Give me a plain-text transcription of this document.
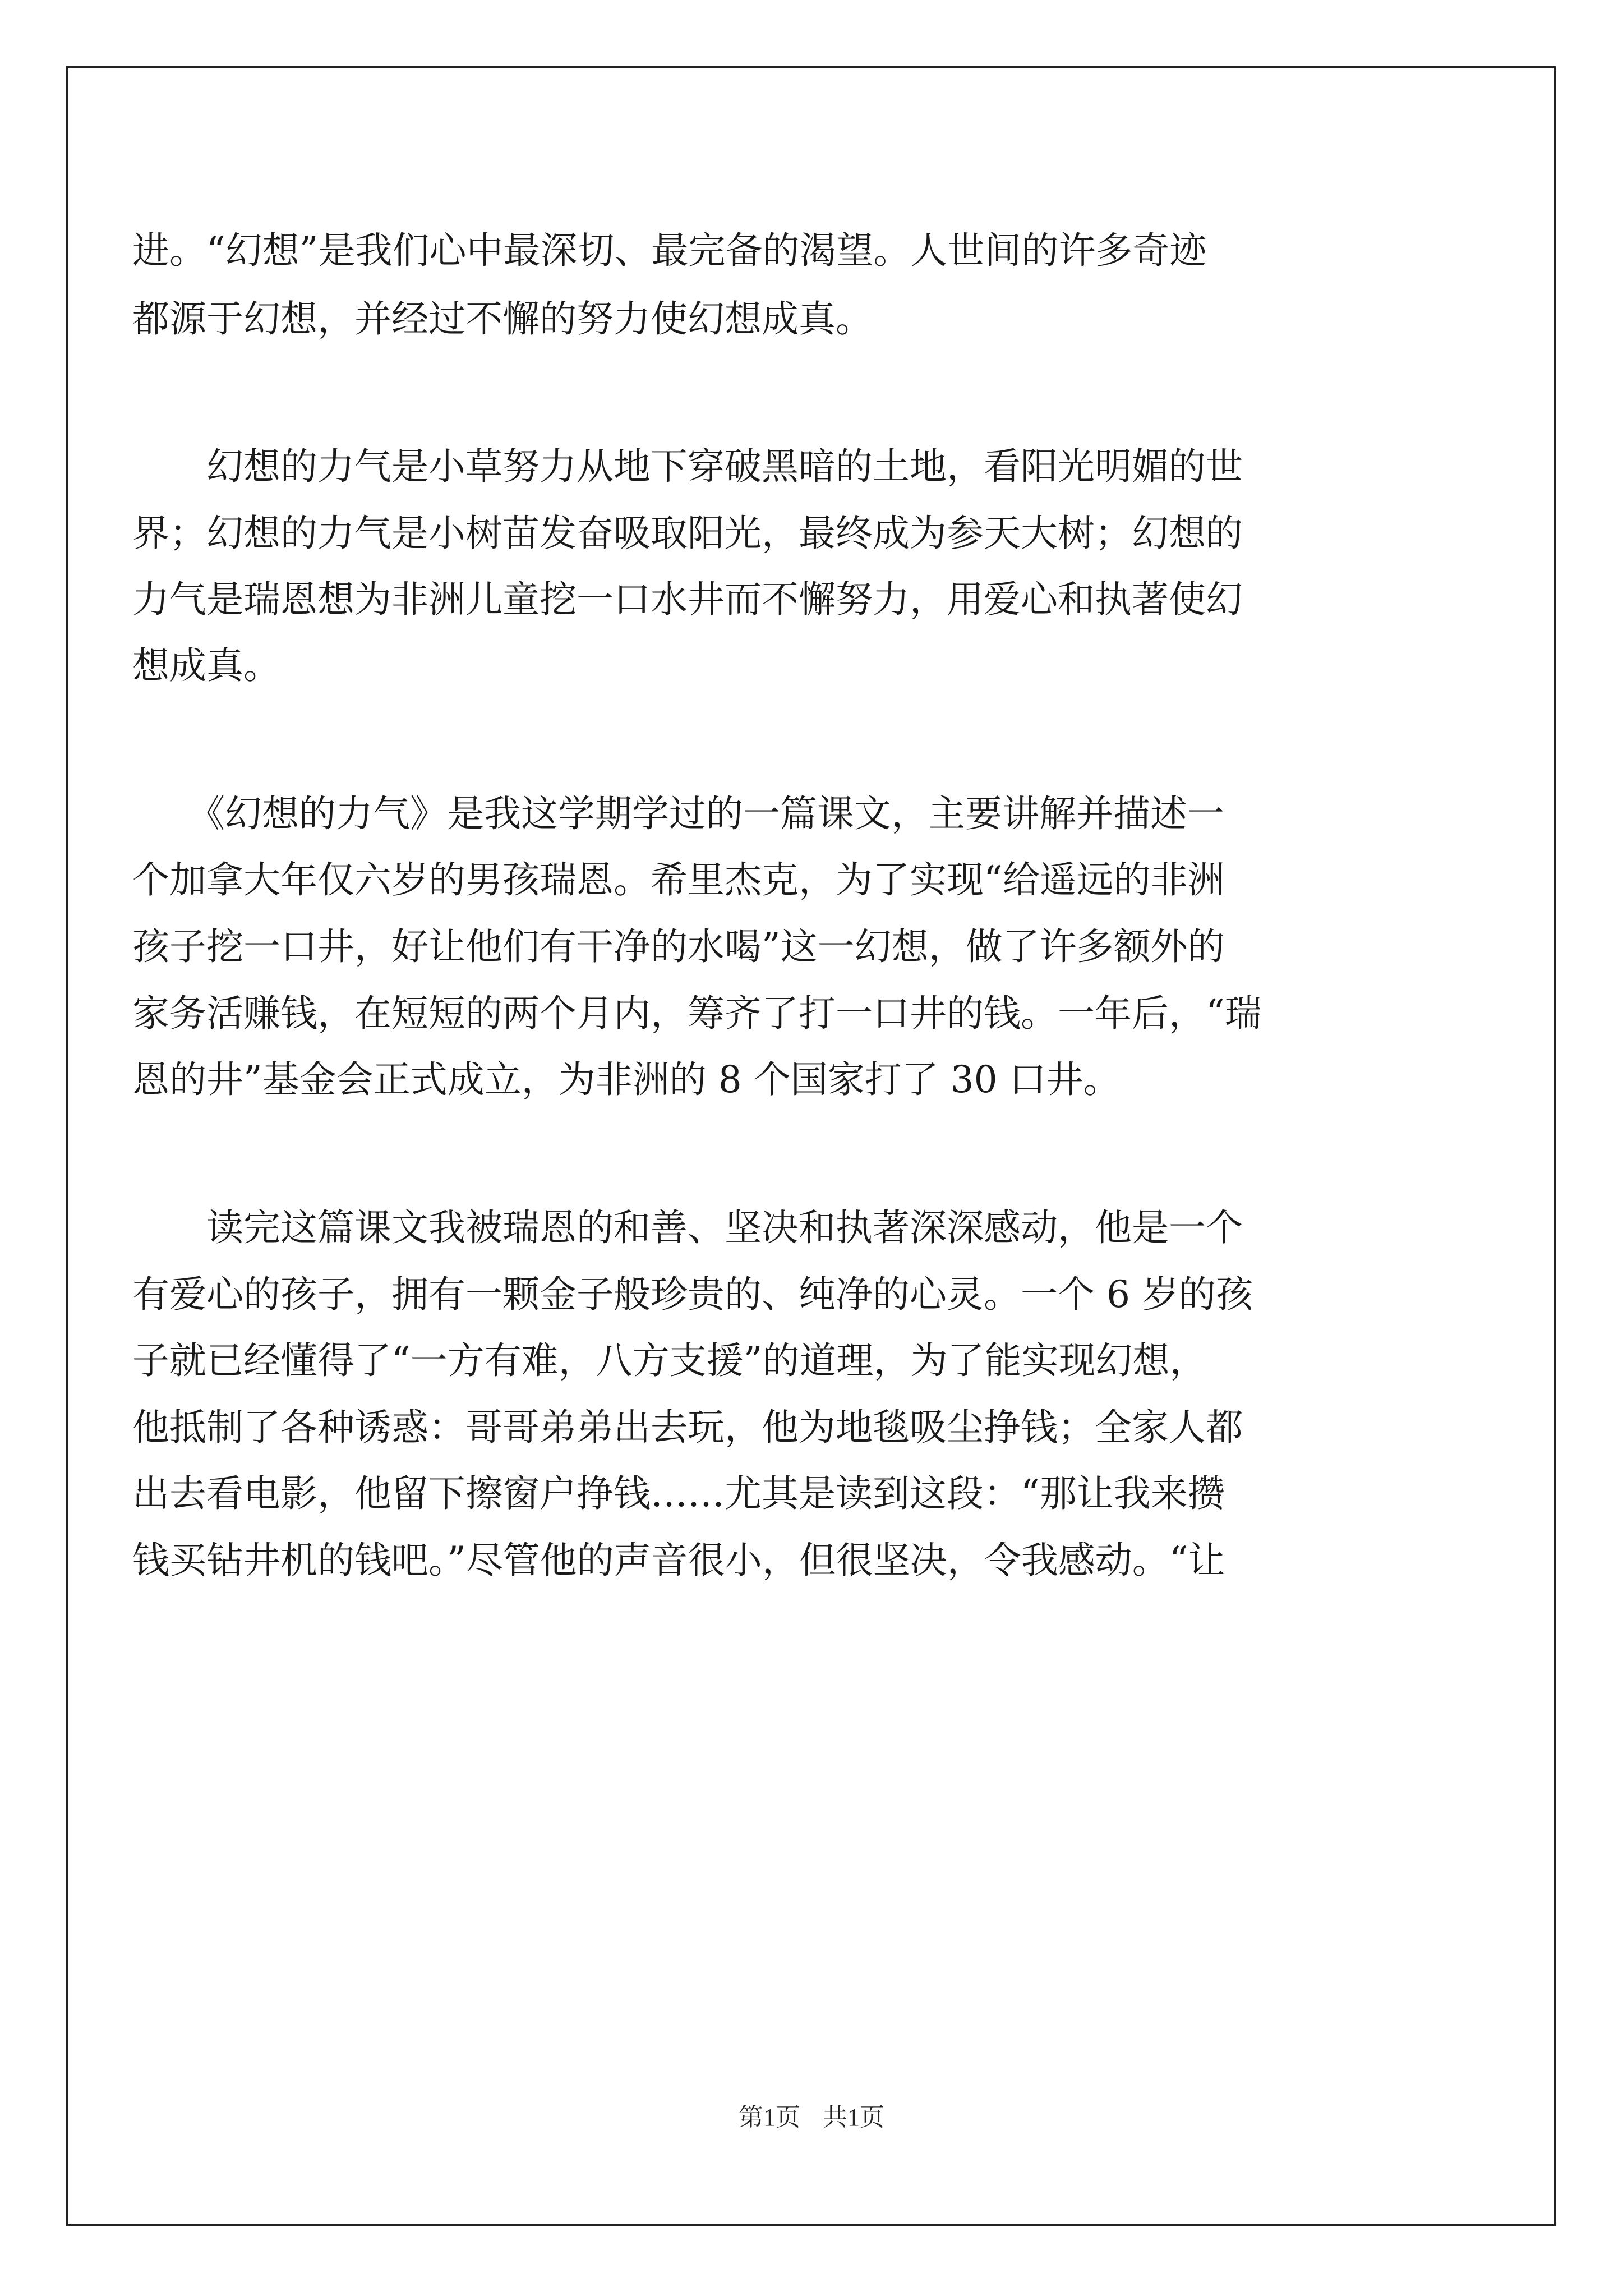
进。“幻想”是我们心中最深切、最完备的渴望。人世间的许多奇迹
都源于幻想，并经过不懈的努力使幻想成真。
　　幻想的力气是小草努力从地下穿破黑暗的土地，看阳光明媚的世
界；幻想的力气是小树苗发奋吸取阳光，最终成为参天大树；幻想的
力气是瑞恩想为非洲儿童挖一口水井而不懈努力，用爱心和执著使幻
想成真。
　　《幻想的力气》是我这学期学过的一篇课文，主要讲解并描述一
个加拿大年仅六岁的男孩瑞恩。希里杰克，为了实现“给遥远的非洲
孩子挖一口井，好让他们有干净的水喝”这一幻想，做了许多额外的
家务活赚钱，在短短的两个月内，筹齐了打一口井的钱。一年后，“瑞
恩的井”基金会正式成立，为非洲的 8 个国家打了 30 口井。
　　读完这篇课文我被瑞恩的和善、坚决和执著深深感动，他是一个
有爱心的孩子，拥有一颗金子般珍贵的、纯净的心灵。一个 6 岁的孩
子就已经懂得了“一方有难，八方支援”的道理，为了能实现幻想，
他抵制了各种诱惑：哥哥弟弟出去玩，他为地毯吸尘挣钱；全家人都
出去看电影，他留下擦窗户挣钱……尤其是读到这段：“那让我来攒
钱买钻井机的钱吧。”尽管他的声音很小，但很坚决，令我感动。“让
第1页 共1页
